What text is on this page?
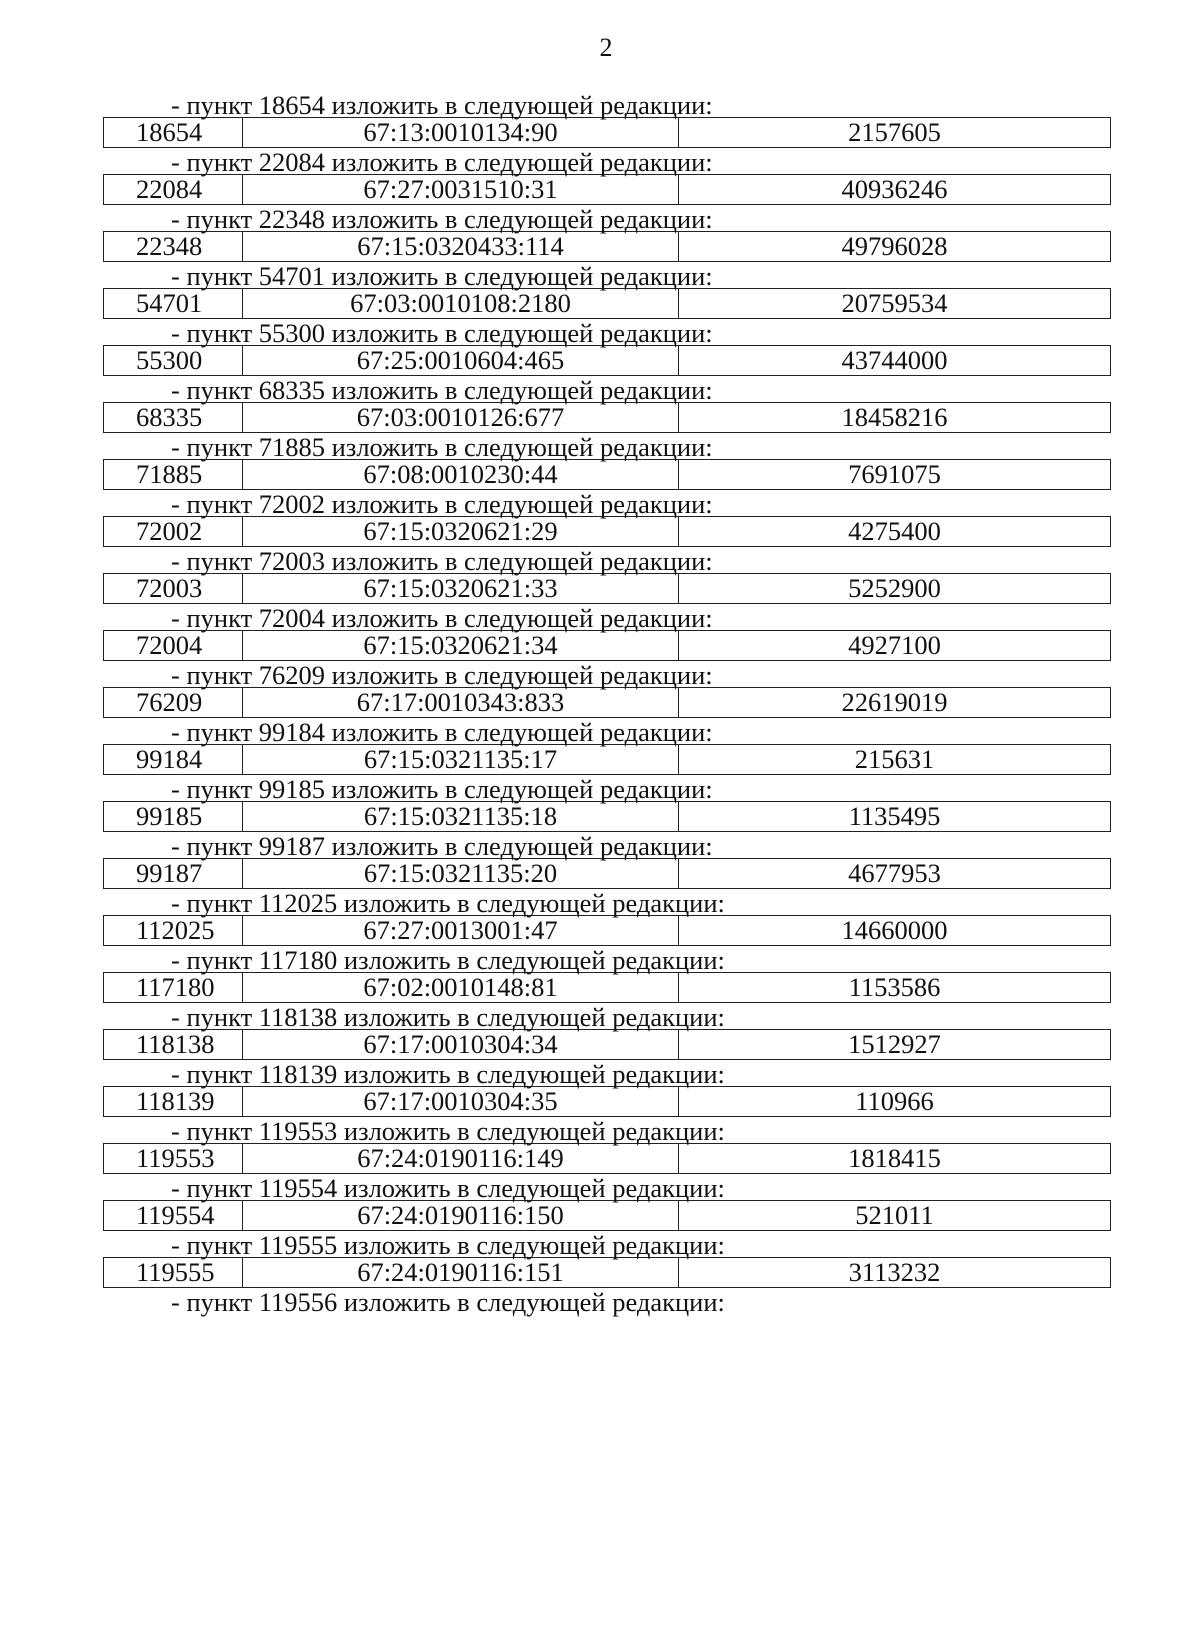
2
- пункт 18654 изложить в следующей редакции:
18654	67:13:0010134:90	2157605
- пункт 22084 изложить в следующей редакции:
22084	67:27:0031510:31	40936246
- пункт 22348 изложить в следующей редакции:
22348	67:15:0320433:114	49796028
- пункт 54701 изложить в следующей редакции:
54701	67:03:0010108:2180	20759534
- пункт 55300 изложить в следующей редакции:
55300	67:25:0010604:465	43744000
- пункт 68335 изложить в следующей редакции:
68335	67:03:0010126:677	18458216
- пункт 71885 изложить в следующей редакции:
71885	67:08:0010230:44	7691075
- пункт 72002 изложить в следующей редакции:
72002	67:15:0320621:29	4275400
- пункт 72003 изложить в следующей редакции:
72003	67:15:0320621:33	5252900
- пункт 72004 изложить в следующей редакции:
72004	67:15:0320621:34	4927100
- пункт 76209 изложить в следующей редакции:
76209	67:17:0010343:833	22619019
- пункт 99184 изложить в следующей редакции:
99184	67:15:0321135:17	215631
- пункт 99185 изложить в следующей редакции:
99185	67:15:0321135:18	1135495
- пункт 99187 изложить в следующей редакции:
99187	67:15:0321135:20	4677953
- пункт 112025 изложить в следующей редакции:
112025	67:27:0013001:47	14660000
- пункт 117180 изложить в следующей редакции:
117180	67:02:0010148:81	1153586
- пункт 118138 изложить в следующей редакции:
118138	67:17:0010304:34	1512927
- пункт 118139 изложить в следующей редакции:
118139	67:17:0010304:35	110966
- пункт 119553 изложить в следующей редакции:
119553	67:24:0190116:149	1818415
- пункт 119554 изложить в следующей редакции:
119554	67:24:0190116:150	521011
- пункт 119555 изложить в следующей редакции:
119555	67:24:0190116:151	3113232
- пункт 119556 изложить в следующей редакции:
